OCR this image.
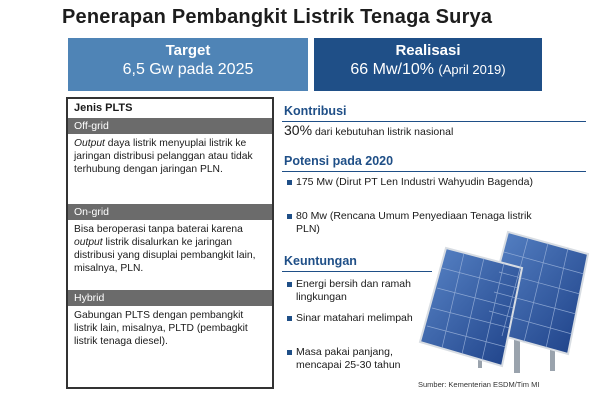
Penerapan Pembangkit Listrik Tenaga Surya
Target
6,5 Gw pada 2025
Realisasi
66 Mw/10% (April 2019)
Jenis PLTS
Off-grid
Output daya listrik menyuplai listrik ke jaringan distribusi pelanggan atau tidak terhubung dengan jaringan PLN.
On-grid
Bisa beroperasi tanpa baterai karena output listrik disalurkan ke jaringan distribusi yang disuplai pembangkit lain, misalnya, PLN.
Hybrid
Gabungan PLTS dengan pembangkit listrik lain, misalnya, PLTD (pembagkit listrik tenaga diesel).
Kontribusi
30% dari kebutuhan listrik nasional
Potensi pada 2020
175 Mw (Dirut PT Len Industri Wahyudin Bagenda)
80 Mw (Rencana Umum Penyediaan Tenaga listrik PLN)
Keuntungan
Energi bersih dan ramah lingkungan
Sinar matahari melimpah
Masa pakai panjang, mencapai 25-30 tahun
Sumber: Kementerian ESDM/Tim MI
